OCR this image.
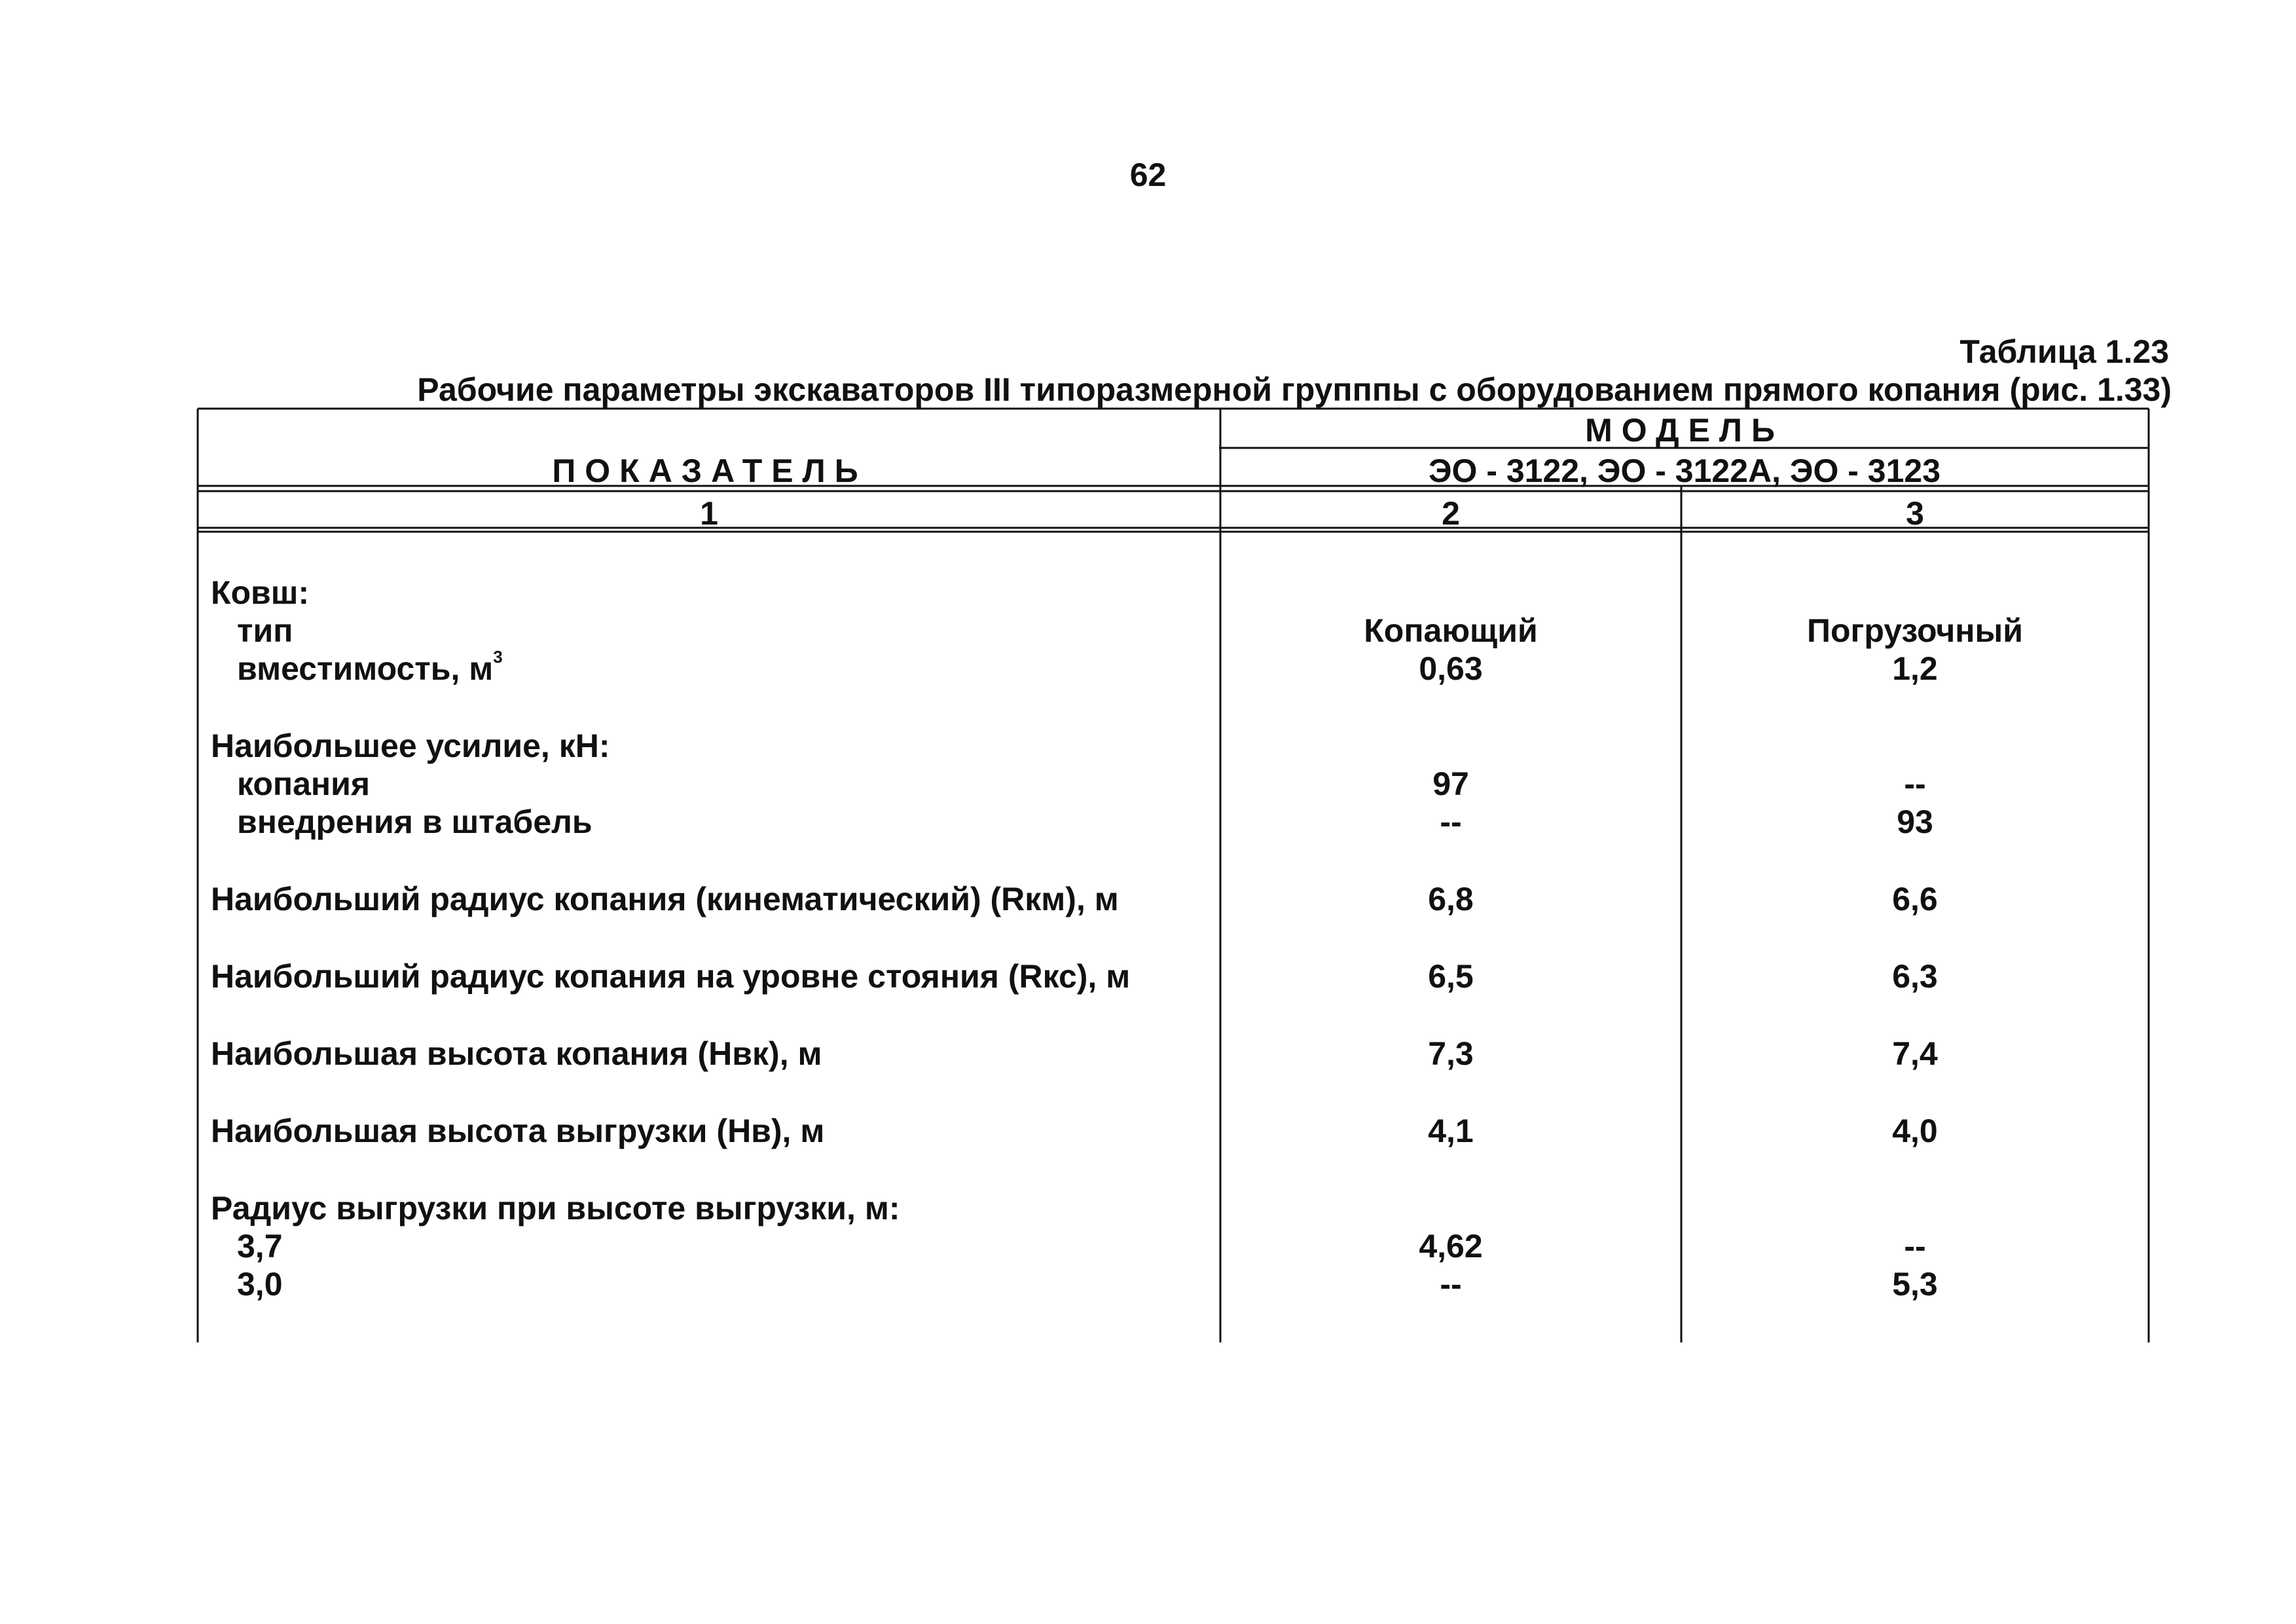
62
Таблица 1.23
Рабочие параметры экскаваторов III типоразмерной групппы с оборудованием прямого копания (рис. 1.33)
ПОКАЗАТЕЛЬ
МОДЕЛЬ
ЭО - 3122, ЭО - 3122А, ЭО - 3123
1	2	3
Ковш:
тип	Копающий	Погрузочный
вместимость, $м^3$	0,63	1,2
Наибольшее усилие, кН:
копания	97	--
внедрения в штабель	--	93
Наибольший радиус копания (кинематический) (Rкм), м	6,8	6,6
Наибольший радиус копания на уровне стояния (Rкс), м	6,5	6,3
Наибольшая высота копания (Нвк), м	7,3	7,4
Наибольшая высота выгрузки (Нв), м	4,1	4,0
Радиус выгрузки при высоте выгрузки, м:
3,7	4,62	--
3,0	--	5,3
